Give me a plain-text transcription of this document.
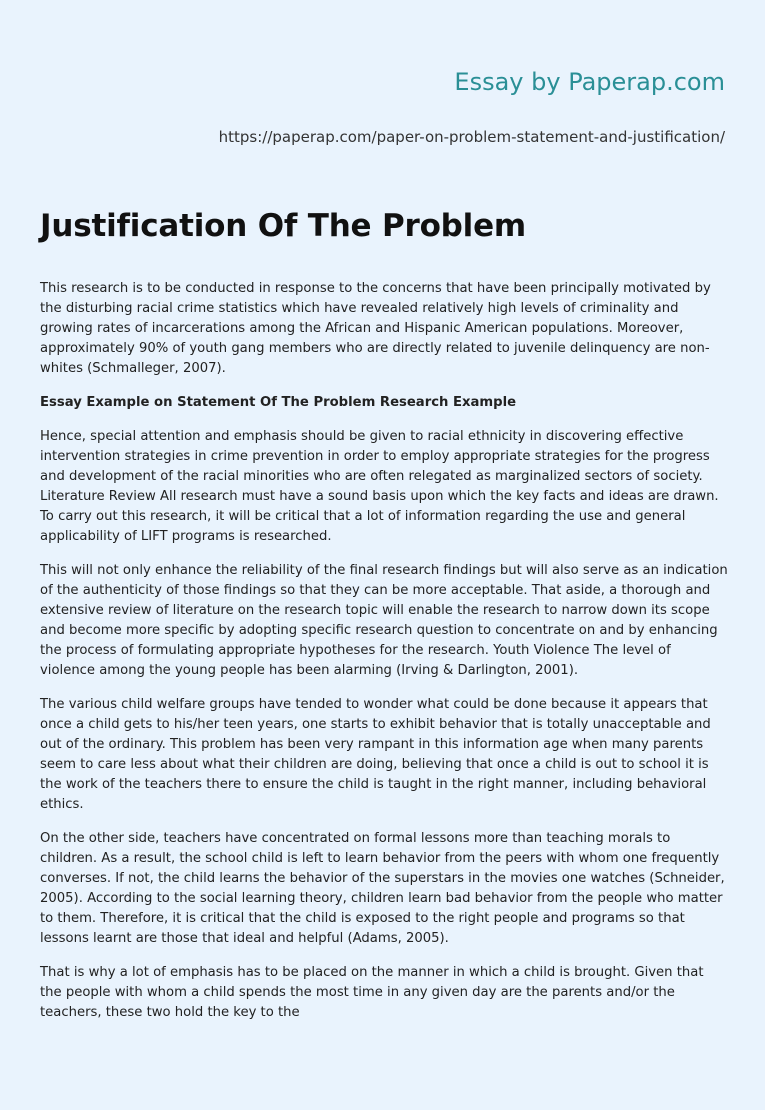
Essay by Paperap.com
https://paperap.com/paper-on-problem-statement-and-justification/
Justification Of The Problem

This research is to be conducted in response to the concerns that have been principally motivated by the disturbing racial crime statistics which have revealed relatively high levels of criminality and growing rates of incarcerations among the African and Hispanic American populations. Moreover, approximately 90% of youth gang members who are directly related to juvenile delinquency are non-whites (Schmalleger, 2007).

Essay Example on Statement Of The Problem Research Example

Hence, special attention and emphasis should be given to racial ethnicity in discovering effective intervention strategies in crime prevention in order to employ appropriate strategies for the progress and development of the racial minorities who are often relegated as marginalized sectors of society. Literature Review All research must have a sound basis upon which the key facts and ideas are drawn. To carry out this research, it will be critical that a lot of information regarding the use and general applicability of LIFT programs is researched.

This will not only enhance the reliability of the final research findings but will also serve as an indication of the authenticity of those findings so that they can be more acceptable. That aside, a thorough and extensive review of literature on the research topic will enable the research to narrow down its scope and become more specific by adopting specific research question to concentrate on and by enhancing the process of formulating appropriate hypotheses for the research. Youth Violence The level of violence among the young people has been alarming (Irving & Darlington, 2001).

The various child welfare groups have tended to wonder what could be done because it appears that once a child gets to his/her teen years, one starts to exhibit behavior that is totally unacceptable and out of the ordinary. This problem has been very rampant in this information age when many parents seem to care less about what their children are doing, believing that once a child is out to school it is the work of the teachers there to ensure the child is taught in the right manner, including behavioral ethics.

On the other side, teachers have concentrated on formal lessons more than teaching morals to children. As a result, the school child is left to learn behavior from the peers with whom one frequently converses. If not, the child learns the behavior of the superstars in the movies one watches (Schneider, 2005). According to the social learning theory, children learn bad behavior from the people who matter to them. Therefore, it is critical that the child is exposed to the right people and programs so that lessons learnt are those that ideal and helpful (Adams, 2005).

That is why a lot of emphasis has to be placed on the manner in which a child is brought. Given that the people with whom a child spends the most time in any given day are the parents and/or the teachers, these two hold the key to the
